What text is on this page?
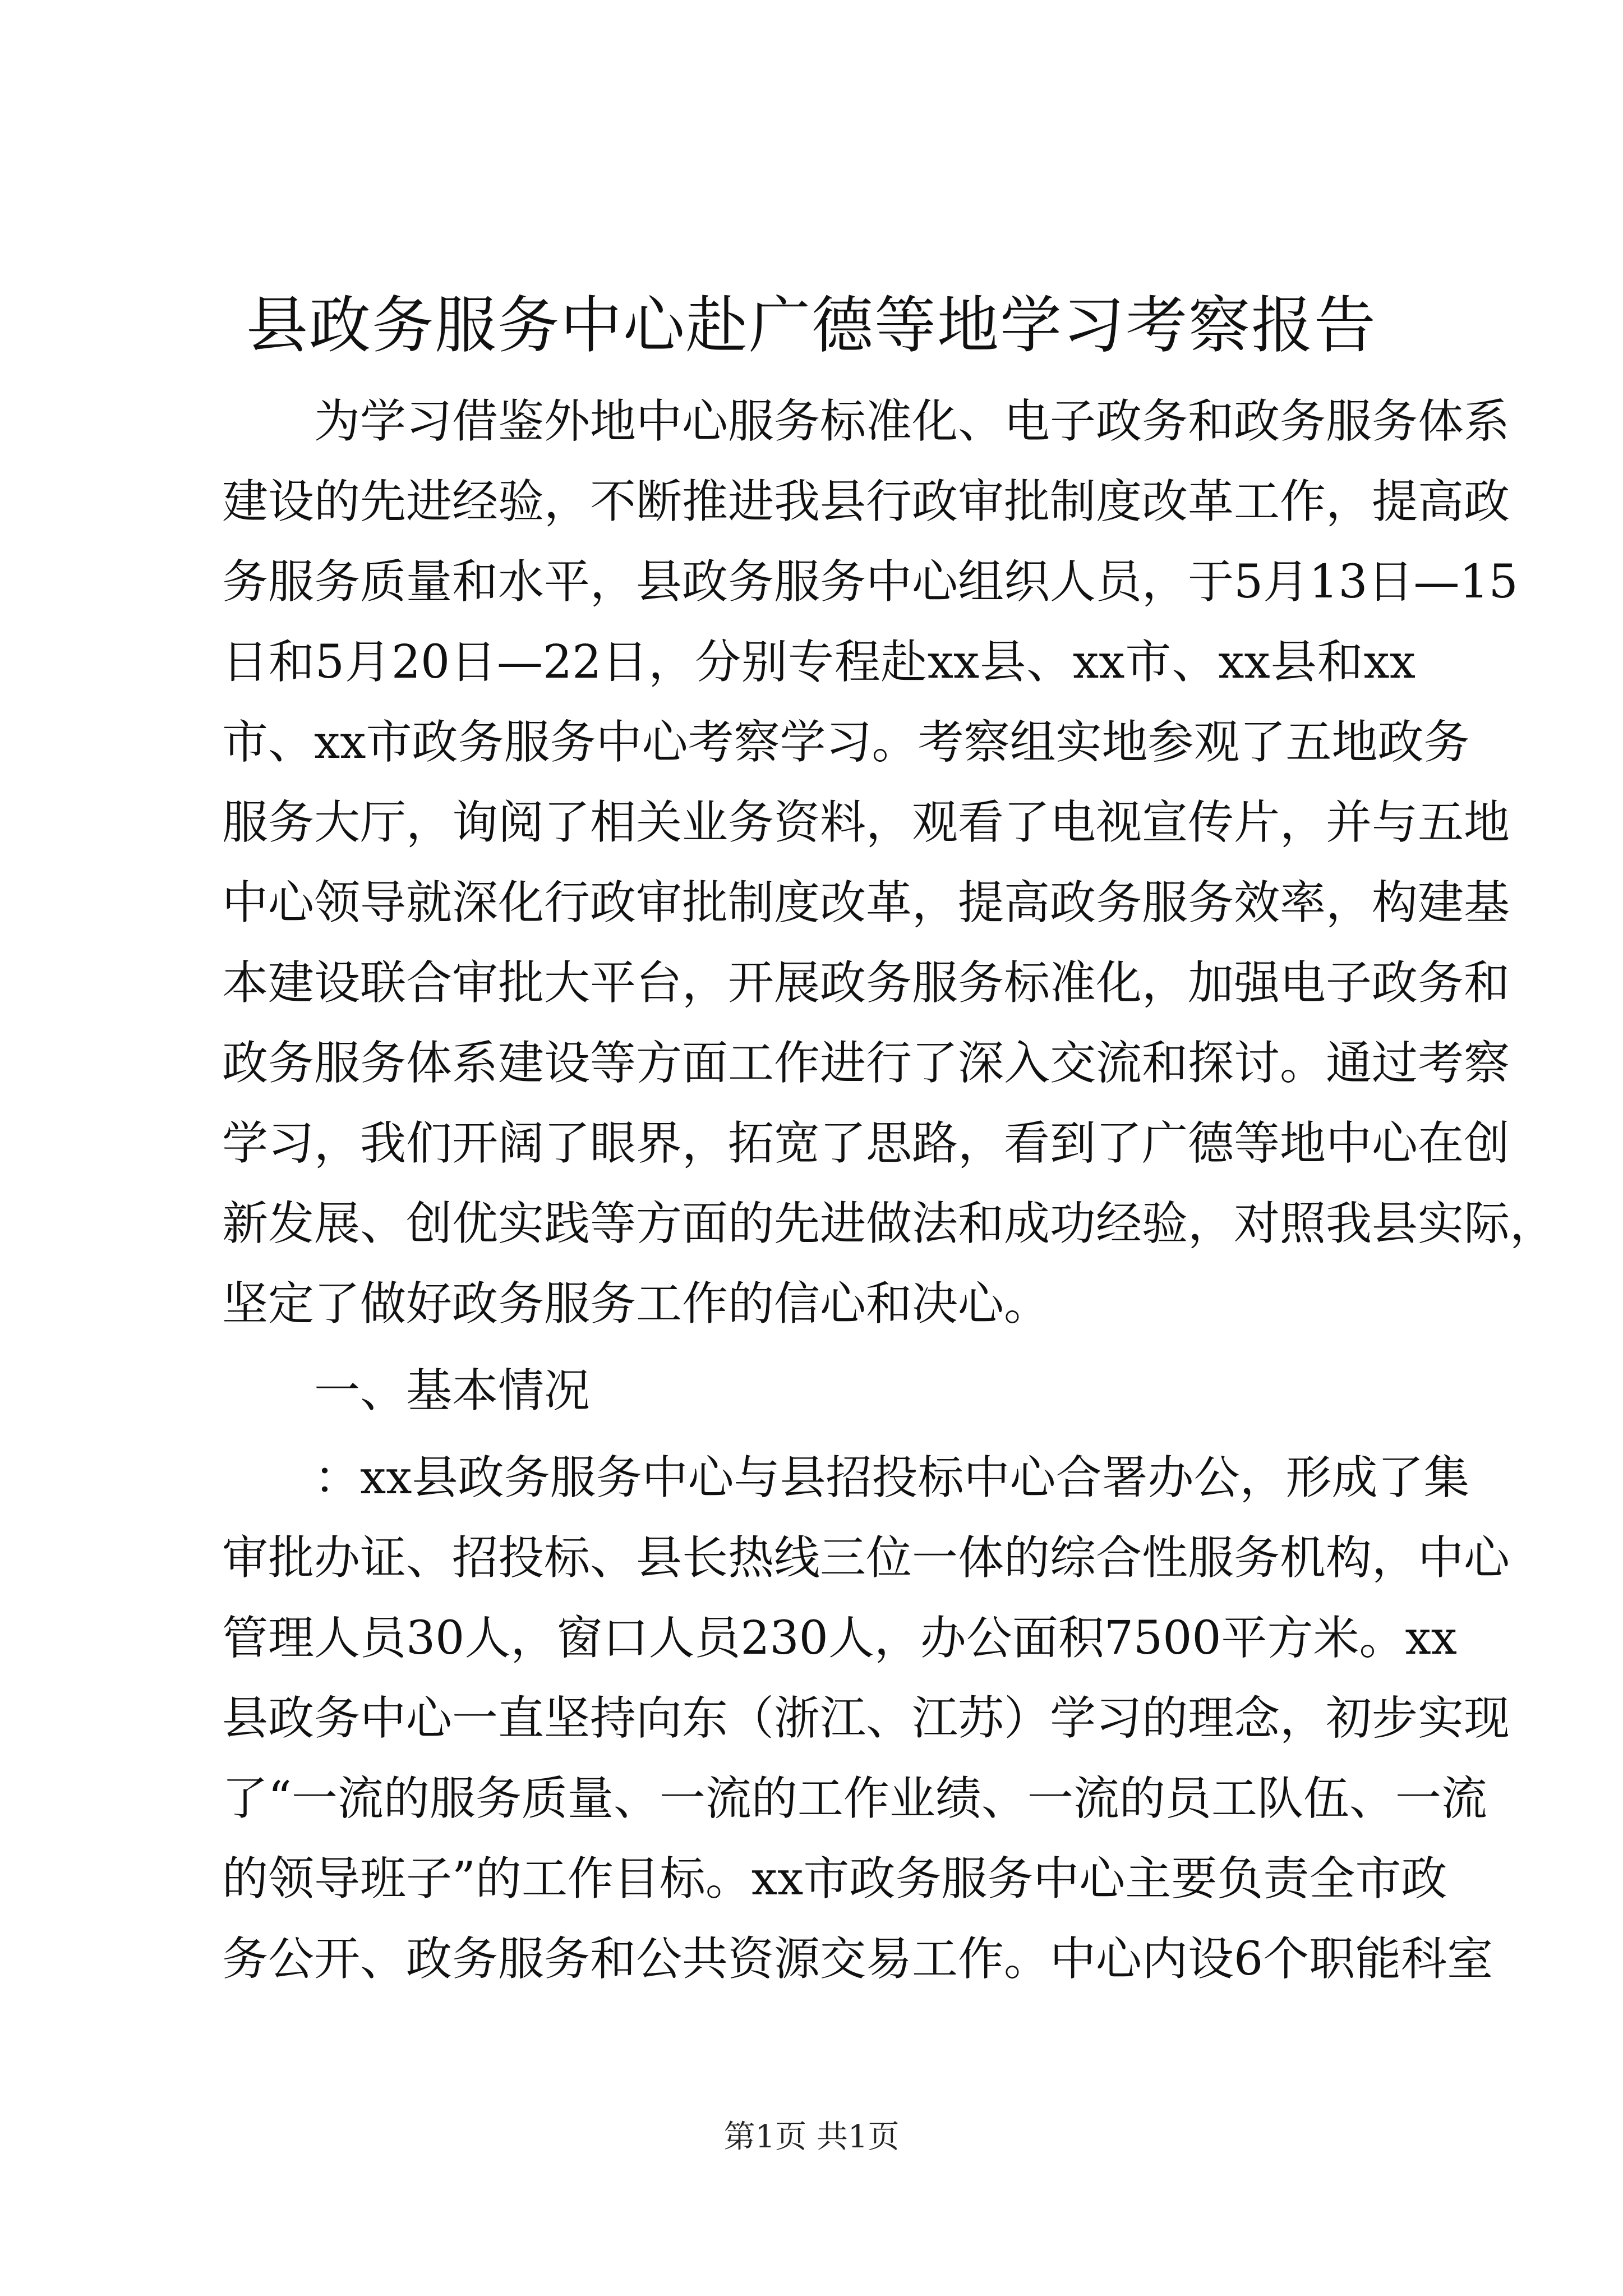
县政务服务中心赴广德等地学习考察报告
为学习借鉴外地中心服务标准化、电子政务和政务服务体系
建设的先进经验，不断推进我县行政审批制度改革工作，提高政
务服务质量和水平，县政务服务中心组织人员，于5月13日—15
日和5月20日—22日，分别专程赴xx县、xx市、xx县和xx
市、xx市政务服务中心考察学习。考察组实地参观了五地政务
服务大厅，询阅了相关业务资料，观看了电视宣传片，并与五地
中心领导就深化行政审批制度改革，提高政务服务效率，构建基
本建设联合审批大平台，开展政务服务标准化，加强电子政务和
政务服务体系建设等方面工作进行了深入交流和探讨。通过考察
学习，我们开阔了眼界，拓宽了思路，看到了广德等地中心在创
新发展、创优实践等方面的先进做法和成功经验，对照我县实际，
坚定了做好政务服务工作的信心和决心。
一、基本情况
：xx县政务服务中心与县招投标中心合署办公，形成了集
审批办证、招投标、县长热线三位一体的综合性服务机构，中心
管理人员30人，窗口人员230人，办公面积7500平方米。xx
县政务中心一直坚持向东（浙江、江苏）学习的理念，初步实现
了“一流的服务质量、一流的工作业绩、一流的员工队伍、一流
的领导班子”的工作目标。xx市政务服务中心主要负责全市政
务公开、政务服务和公共资源交易工作。中心内设6个职能科室
第1页 共1页
